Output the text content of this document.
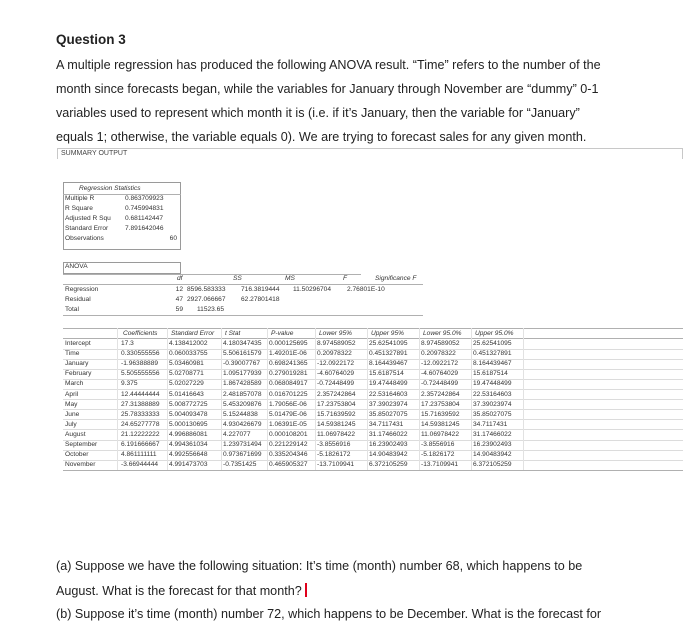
Question 3
A multiple regression has produced the following ANOVA result. “Time” refers to the number of the
month since forecasts began, while the variables for January through November are “dummy” 0-1
variables used to represent which month it is (i.e. if it’s January, then the variable for “January”
equals 1; otherwise, the variable equals 0). We are trying to forecast sales for any given month.
SUMMARY OUTPUT
Regression Statistics
Multiple R	0.863709923
R Square	0.745994831
Adjusted R Squ 0.681142447
Standard Error	7.891642046
Observations	60
ANOVA
df	SS	MS	F	Significance F
Regression	12 8596.583333 716.3819444 11.50296704 2.76801E-10
Residual	47 2927.066667 62.27801418
Total	59 11523.65
Coefficients Standard Error t Stat	P-value	Lower 95%	Upper 95%	Lower 95.0% Upper 95.0%
Intercept	17.3	4.138412002 4.180347435 0.000125695 8.974589052 25.62541095 8.974589052 25.62541095
Time	0.330555556 0.060033755 5.506161579 1.49201E-06 0.20978322	0.451327891 0.20978322	0.451327891
January	-1.96388889 5.03460981	-0.39007767 0.698241365 -12.0922172 8.164439467 -12.0922172 8.164439467
February	5.505555556 5.02708771	1.095177939 0.279019281 -4.60764029 15.6187514	-4.60764029 15.6187514
March	9.375	5.02027229	1.867428589 0.068084917 -0.72448499 19.47448499 -0.72448499 19.47448499
April	12.44444444 5.01416643	2.481857078 0.016701225 2.357242864 22.53164603 2.357242864 22.53164603
May	27.31388889 5.008772725 5.453209876 1.79056E-06 17.23753804 37.39023974 17.23753804 37.39023974
June	25.78333333 5.004093478 5.15244838 5.01479E-06 15.71639592 35.85027075 15.71639592 35.85027075
July	24.65277778 5.000130695 4.930426679 1.06391E-05 14.59381245 34.7117431	14.59381245 34.7117431
August	21.12222222 4.996886081 4.227077	0.000108201 11.06978422 31.17466022 11.06978422 31.17466022
September	6.191666667 4.994361034 1.239731494 0.221229142 -3.8556916	16.23902493 -3.8556916	16.23902493
October	4.861111111 4.992556648 0.973671699 0.335204346 -5.1826172	14.90483942 -5.1826172	14.90483942
November	-3.66944444 4.991473703 -0.7351425 0.465905327 -13.7109941 6.372105259 -13.7109941 6.372105259
(a) Suppose we have the following situation: It’s time (month) number 68, which happens to be
August. What is the forecast for that month?
(b) Suppose it’s time (month) number 72, which happens to be December. What is the forecast for
